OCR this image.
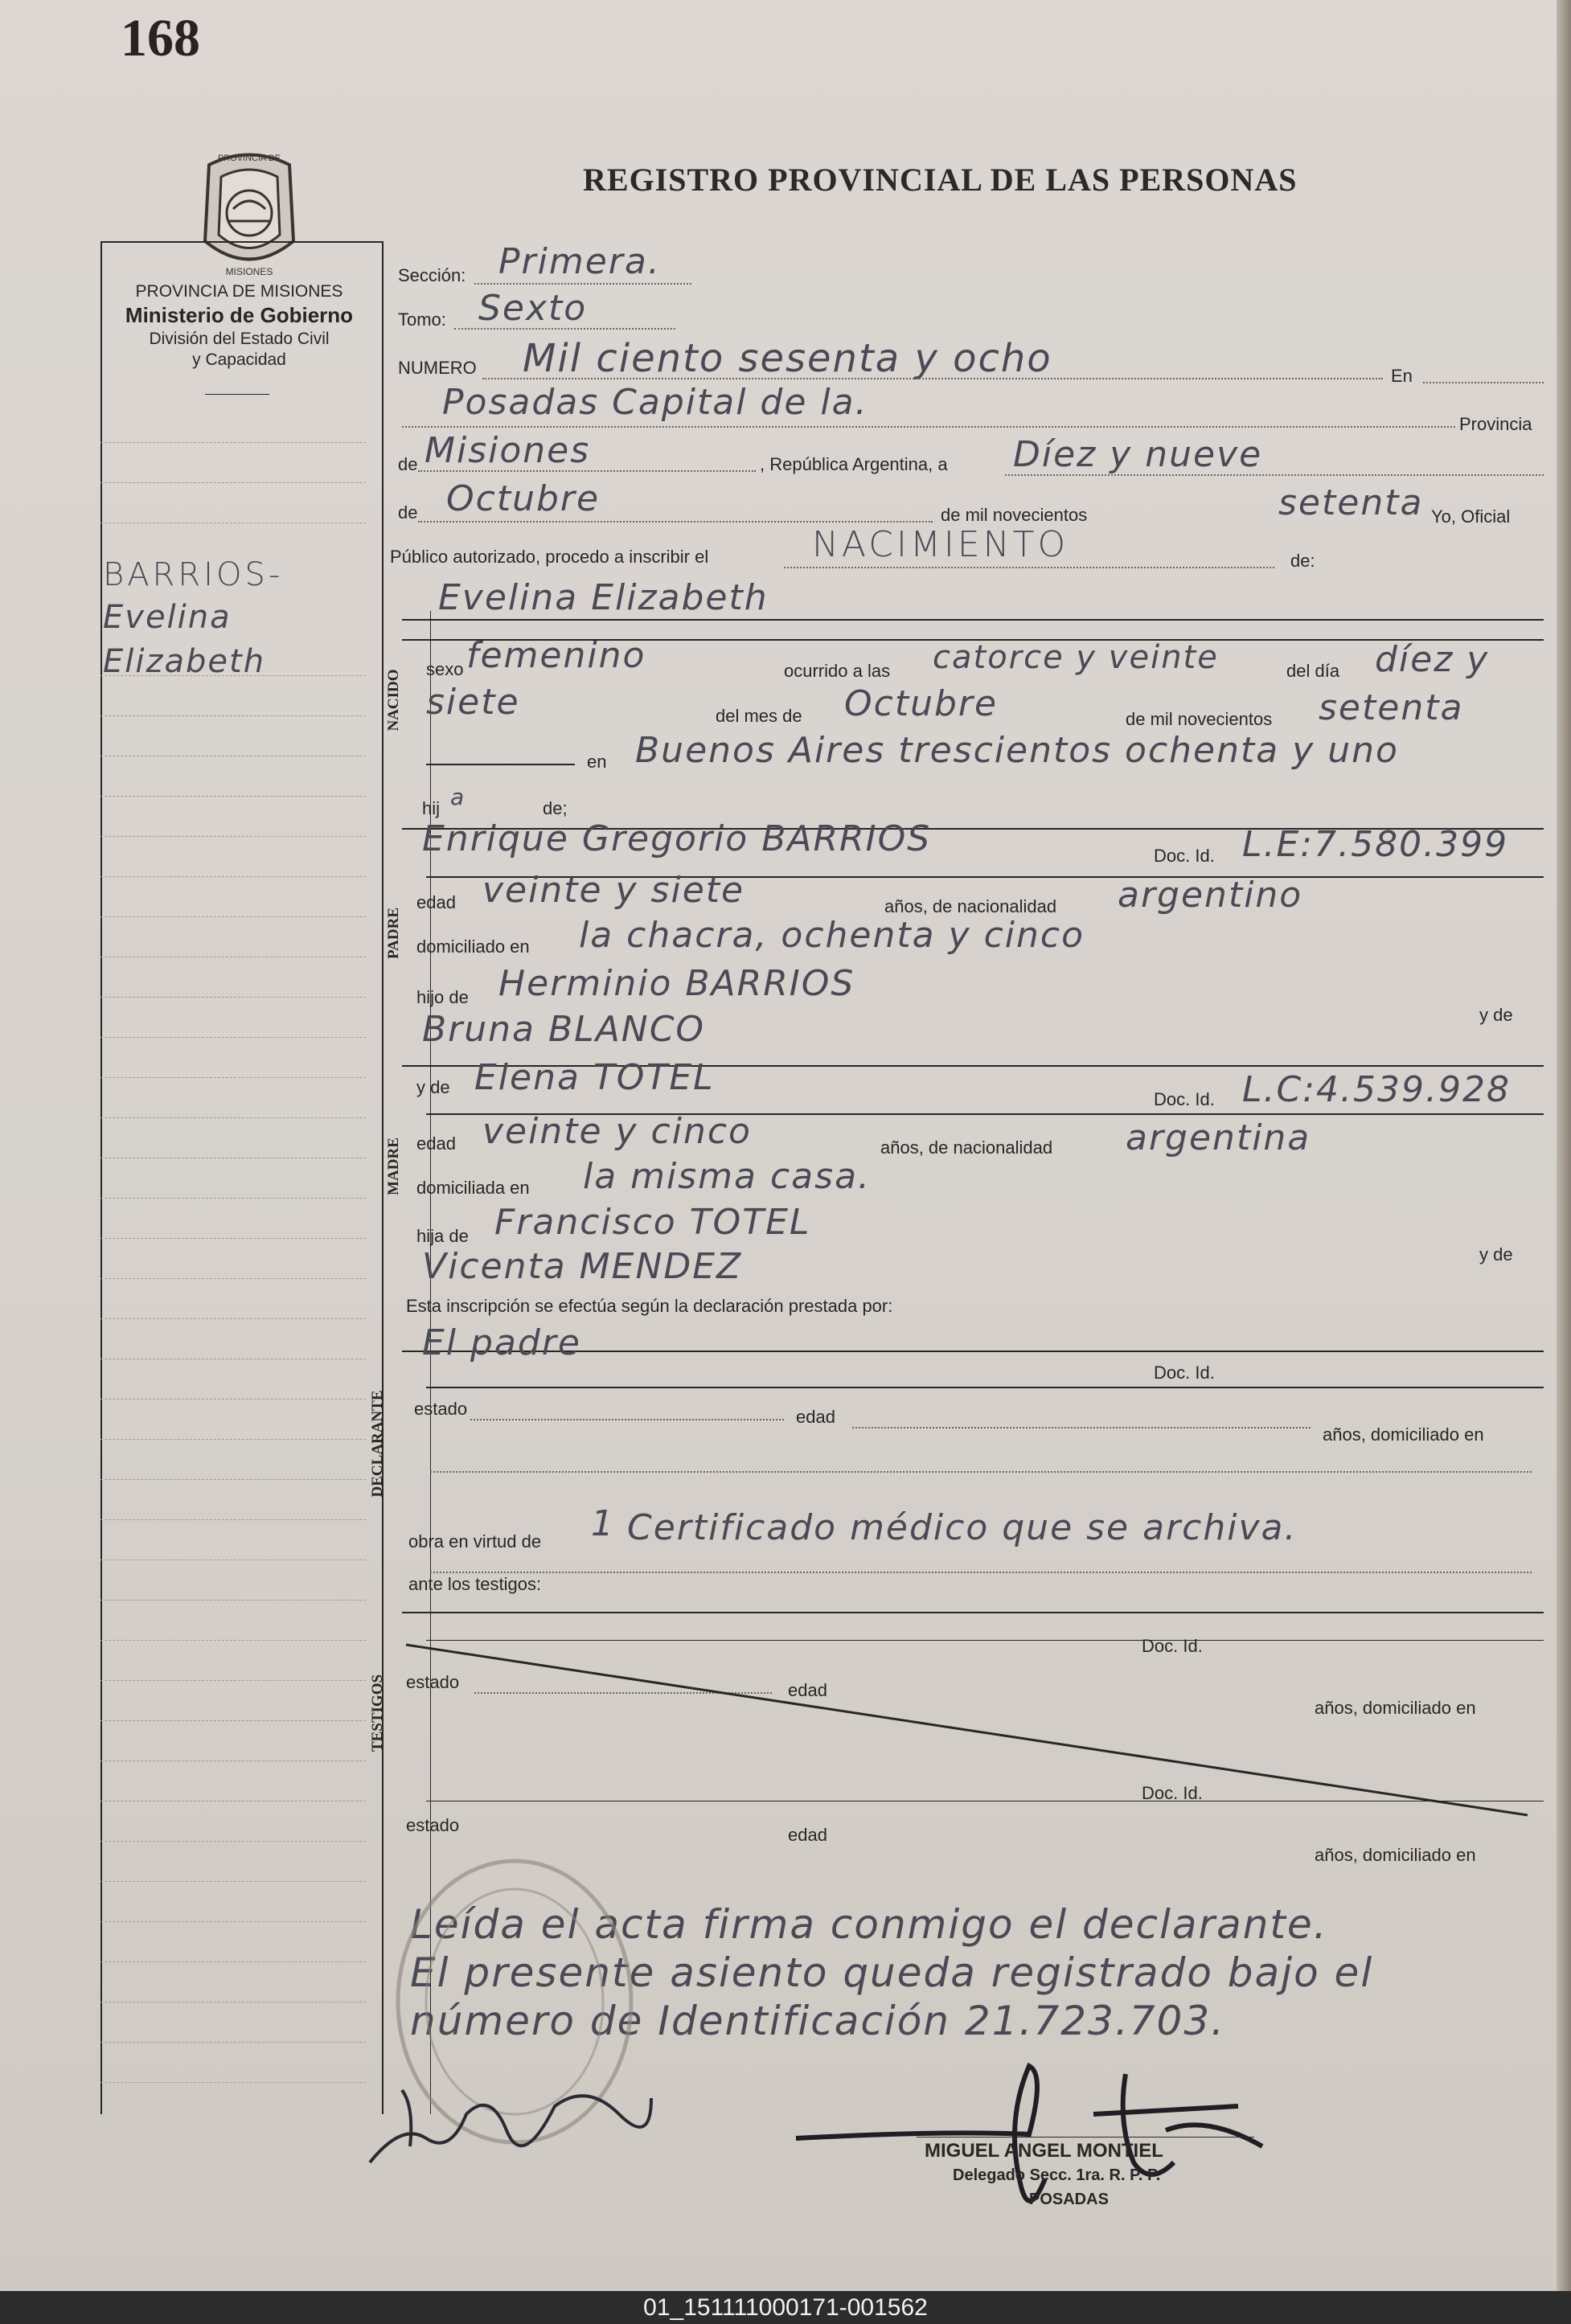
168
PROVINCIA DE
MISIONES
REGISTRO PROVINCIAL DE LAS PERSONAS
PROVINCIA DE MISIONES
Ministerio de Gobierno
División del Estado Civil
y Capacidad
BARRIOS-
Evelina
Elizabeth
Sección: Primera.
Tomo: Sexto
NUMERO Mil ciento sesenta y ocho	En
Posadas Capital de la.
Provincia
de Misiones	, República Argentina, a Díez y nueve
de Octubre	de mil novecientos	setenta Yo, Oficial
Público autorizado, procedo a inscribir el	NACIMIENTO	de:
Evelina Elizabeth
NACIDO sexo femenino	ocurrido a las catorce y veinte	del día díez y
siete	del mes de Octubre	de mil novecientos setenta
en Buenos Aires trescientos ochenta y uno
hij a	de;
PADRE
Enrique Gregorio BARRIOS	Doc. Id. L.E:7.580.399
edad veinte y siete	años, de nacionalidad argentino
domiciliado en la chacra, ochenta y cinco
hijo de Herminio BARRIOS
Bruna BLANCO	y de
MADRE
y de Elena TOTEL
Doc. Id. L.C:4.539.928
edad veinte y cinco	años, de nacionalidad argentina
domiciliada en la misma casa.
hija de Francisco TOTEL
Vicenta MENDEZ	y de
Esta inscripción se efectúa según la declaración prestada por:
DECLARANTE
El padre
Doc. Id.
estado	edad
años, domiciliado en
obra en virtud de 1 Certificado médico que se archiva.
ante los testigos:
TESTIGOS
Doc. Id.
estado	edad
años, domiciliado en
Doc. Id.
estado	edad
años, domiciliado en
Leída el acta firma conmigo el declarante.
El presente asiento queda registrado bajo el
número de Identificación 21.723.703.
MIGUEL ANGEL MONTIEL
Delegado Secc. 1ra. R. P. P.
POSADAS
01_151111000171-001562
